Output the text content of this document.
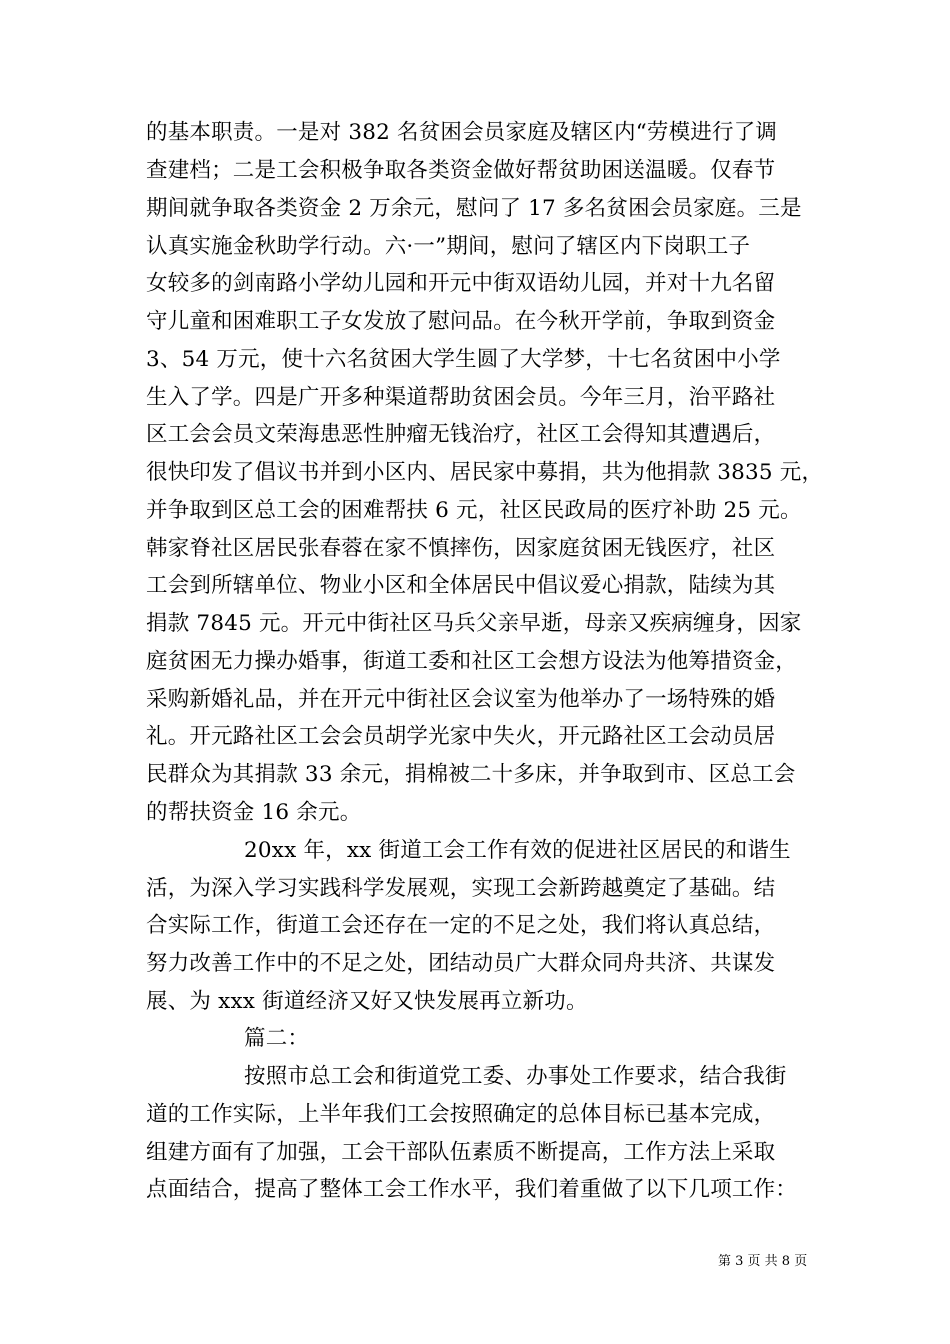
的基本职责。一是对 382 名贫困会员家庭及辖区内“劳模进行了调
查建档；二是工会积极争取各类资金做好帮贫助困送温暖。仅春节
期间就争取各类资金 2 万余元，慰问了 17 多名贫困会员家庭。三是
认真实施金秋助学行动。六·一”期间，慰问了辖区内下岗职工子
女较多的剑南路小学幼儿园和开元中街双语幼儿园，并对十九名留
守儿童和困难职工子女发放了慰问品。在今秋开学前，争取到资金
3、54 万元，使十六名贫困大学生圆了大学梦，十七名贫困中小学
生入了学。四是广开多种渠道帮助贫困会员。今年三月，治平路社
区工会会员文荣海患恶性肿瘤无钱治疗，社区工会得知其遭遇后，
很快印发了倡议书并到小区内、居民家中募捐，共为他捐款 3835 元，
并争取到区总工会的困难帮扶 6 元，社区民政局的医疗补助 25 元。
韩家脊社区居民张春蓉在家不慎摔伤，因家庭贫困无钱医疗，社区
工会到所辖单位、物业小区和全体居民中倡议爱心捐款，陆续为其
捐款 7845 元。开元中街社区马兵父亲早逝，母亲又疾病缠身，因家
庭贫困无力操办婚事，街道工委和社区工会想方设法为他筹措资金，
采购新婚礼品，并在开元中街社区会议室为他举办了一场特殊的婚
礼。开元路社区工会会员胡学光家中失火，开元路社区工会动员居
民群众为其捐款 33 余元，捐棉被二十多床，并争取到市、区总工会
的帮扶资金 16 余元。
20xx 年，xx 街道工会工作有效的促进社区居民的和谐生
活，为深入学习实践科学发展观，实现工会新跨越奠定了基础。结
合实际工作，街道工会还存在一定的不足之处，我们将认真总结，
努力改善工作中的不足之处，团结动员广大群众同舟共济、共谋发
展、为 xxx 街道经济又好又快发展再立新功。
篇二：
按照市总工会和街道党工委、办事处工作要求，结合我街
道的工作实际，上半年我们工会按照确定的总体目标已基本完成，
组建方面有了加强，工会干部队伍素质不断提高，工作方法上采取
点面结合，提高了整体工会工作水平，我们着重做了以下几项工作：
第 3 页 共 8 页
